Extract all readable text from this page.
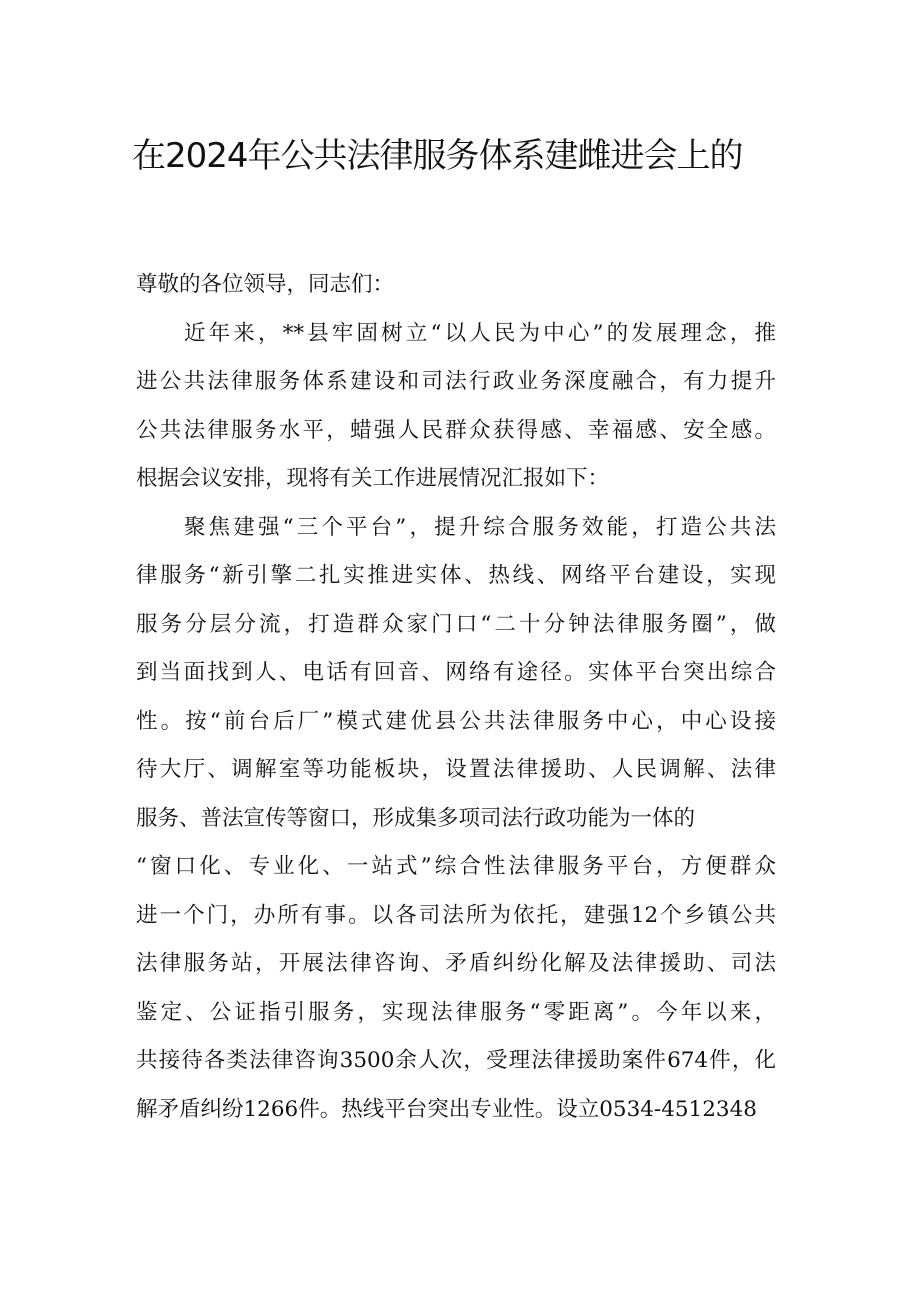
在2024年公共法律服务体系建雌进会上的
尊敬的各位领导，同志们：
近年来，**县牢固树立“以人民为中心”的发展理念，推
进公共法律服务体系建设和司法行政业务深度融合，有力提升
公共法律服务水平，蜡强人民群众获得感、幸福感、安全感。
根据会议安排，现将有关工作进展情况汇报如下：
聚焦建强“三个平台”，提升综合服务效能，打造公共法
律服务“新引擎二扎实推进实体、热线、网络平台建设，实现
服务分层分流，打造群众家门口“二十分钟法律服务圈”，做
到当面找到人、电话有回音、网络有途径。实体平台突出综合
性。按“前台后厂”模式建优县公共法律服务中心，中心设接
待大厅、调解室等功能板块，设置法律援助、人民调解、法律
服务、普法宣传等窗口，形成集多项司法行政功能为一体的
“窗口化、专业化、一站式”综合性法律服务平台，方便群众
进一个门，办所有事。以各司法所为依托，建强12个乡镇公共
法律服务站，开展法律咨询、矛盾纠纷化解及法律援助、司法
鉴定、公证指引服务，实现法律服务“零距离”。今年以来，
共接待各类法律咨询3500余人次，受理法律援助案件674件，化
解矛盾纠纷1266件。热线平台突出专业性。设立0534-4512348
